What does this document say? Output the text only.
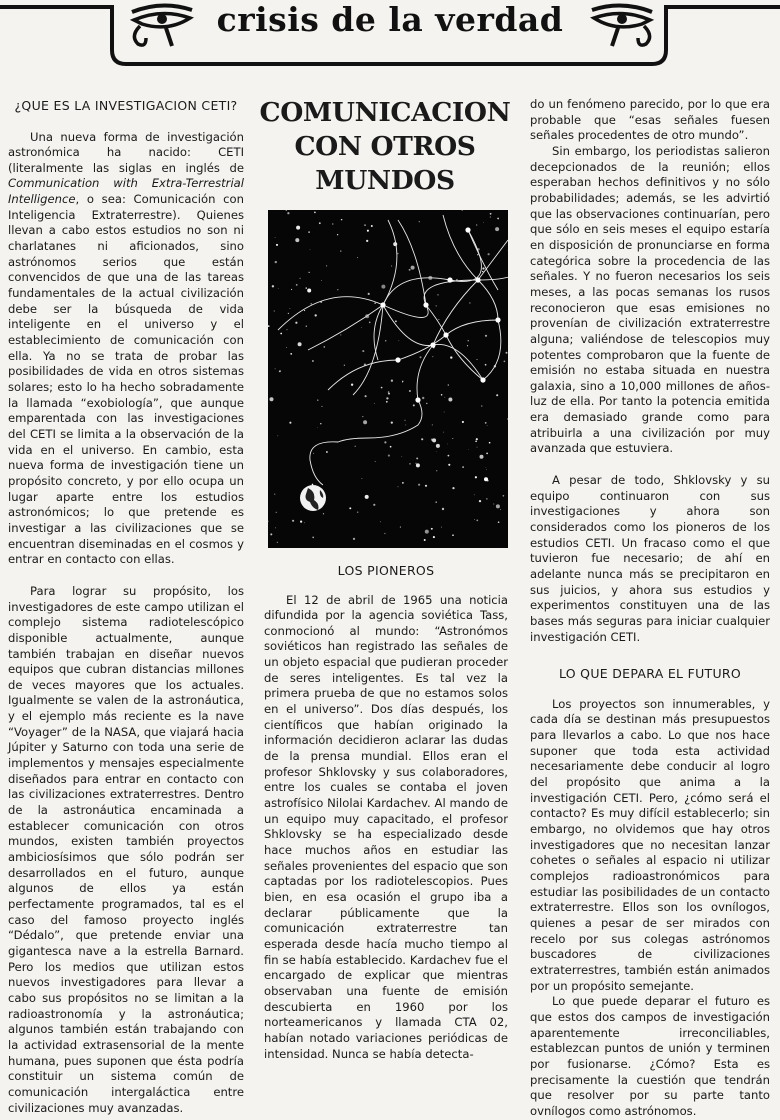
crisis de la verdad
¿QUE ES LA INVESTIGACION CETI?

Una nueva forma de investigación astronómica ha nacido: CETI (literalmente las siglas en inglés de Communication with Extra-Terrestrial Intelligence, o sea: Comunicación con Inteligencia Extraterrestre). Quienes llevan a cabo estos estudios no son ni charlatanes ni aficionados, sino astrónomos serios que están convencidos de que una de las tareas fundamentales de la actual civilización debe ser la búsqueda de vida inteligente en el universo y el establecimiento de comunicación con ella. Ya no se trata de probar las posibilidades de vida en otros sistemas solares; esto lo ha hecho sobradamente la llamada “exobiología”, que aunque emparentada con las investigaciones del CETI se limita a la observación de la vida en el universo. En cambio, esta nueva forma de investigación tiene un propósito concreto, y por ello ocupa un lugar aparte entre los estudios astronómicos; lo que pretende es investigar a las civilizaciones que se encuentran diseminadas en el cosmos y entrar en contacto con ellas.

Para lograr su propósito, los investigadores de este campo utilizan el complejo sistema radiotelescópico disponible actualmente, aunque también trabajan en diseñar nuevos equipos que cubran distancias millones de veces mayores que los actuales. Igualmente se valen de la astronáutica, y el ejemplo más reciente es la nave “Voyager” de la NASA, que viajará hacia Júpiter y Saturno con toda una serie de implementos y mensajes especialmente diseñados para entrar en contacto con las civilizaciones extraterrestres. Dentro de la astronáutica encaminada a establecer comunicación con otros mundos, existen también proyectos ambiciosísimos que sólo podrán ser desarrollados en el futuro, aunque algunos de ellos ya están perfectamente programados, tal es el caso del famoso proyecto inglés “Dédalo”, que pretende enviar una gigantesca nave a la estrella Barnard. Pero los medios que utilizan estos nuevos investigadores para llevar a cabo sus propósitos no se limitan a la radioastronomía y la astronáutica; algunos también están trabajando con la actividad extrasensorial de la mente humana, pues suponen que ésta podría constituir un sistema común de comunicación intergaláctica entre civilizaciones muy avanzadas.

COMUNICACION
CON OTROS
MUNDOS
LOS PIONEROS

El 12 de abril de 1965 una noticia difundida por la agencia soviética Tass, conmocionó al mundo: “Astronómos soviéticos han registrado las señales de un objeto espacial que pudieran proceder de seres inteligentes. Es tal vez la primera prueba de que no estamos solos en el universo”. Dos días después, los científicos que habían originado la información decidieron aclarar las dudas de la prensa mundial. Ellos eran el profesor Shklovsky y sus colaboradores, entre los cuales se contaba el joven astrofísico Nilolai Kardachev. Al mando de un equipo muy capacitado, el profesor Shklovsky se ha especializado desde hace muchos años en estudiar las señales provenientes del espacio que son captadas por los radiotelescopios. Pues bien, en esa ocasión el grupo iba a declarar públicamente que la comunicación extraterrestre tan esperada desde hacía mucho tiempo al fin se había establecido. Kardachev fue el encargado de explicar que mientras observaban una fuente de emisión descubierta en 1960 por los norteamericanos y llamada CTA 02, habían notado variaciones periódicas de intensidad. Nunca se había detecta-

do un fenómeno parecido, por lo que era probable que “esas señales fuesen señales procedentes de otro mundo”.

Sin embargo, los periodistas salieron decepcionados de la reunión; ellos esperaban hechos definitivos y no sólo probabilidades; además, se les advirtió que las observaciones continuarían, pero que sólo en seis meses el equipo estaría en disposición de pronunciarse en forma categórica sobre la procedencia de las señales. Y no fueron necesarios los seis meses, a las pocas semanas los rusos reconocieron que esas emisiones no provenían de civilización extraterrestre alguna; valiéndose de telescopios muy potentes comprobaron que la fuente de emisión no estaba situada en nuestra galaxia, sino a 10,000 millones de años-luz de ella. Por tanto la potencia emitida era demasiado grande como para atribuirla a una civilización por muy avanzada que estuviera.

A pesar de todo, Shklovsky y su equipo continuaron con sus investigaciones y ahora son considerados como los pioneros de los estudios CETI. Un fracaso como el que tuvieron fue necesario; de ahí en adelante nunca más se precipitaron en sus juicios, y ahora sus estudios y experimentos constituyen una de las bases más seguras para iniciar cualquier investigación CETI.

LO QUE DEPARA EL FUTURO

Los proyectos son innumerables, y cada día se destinan más presupuestos para llevarlos a cabo. Lo que nos hace suponer que toda esta actividad necesariamente debe conducir al logro del propósito que anima a la investigación CETI. Pero, ¿cómo será el contacto? Es muy difícil establecerlo; sin embargo, no olvidemos que hay otros investigadores que no necesitan lanzar cohetes o señales al espacio ni utilizar complejos radioastronómicos para estudiar las posibilidades de un contacto extraterrestre. Ellos son los ovnílogos, quienes a pesar de ser mirados con recelo por sus colegas astrónomos buscadores de civilizaciones extraterrestres, también están animados por un propósito semejante.

Lo que puede deparar el futuro es que estos dos campos de investigación aparentemente irreconciliables, establezcan puntos de unión y terminen por fusionarse. ¿Cómo? Esta es precisamente la cuestión que tendrán que resolver por su parte tanto ovnílogos como astrónomos.
